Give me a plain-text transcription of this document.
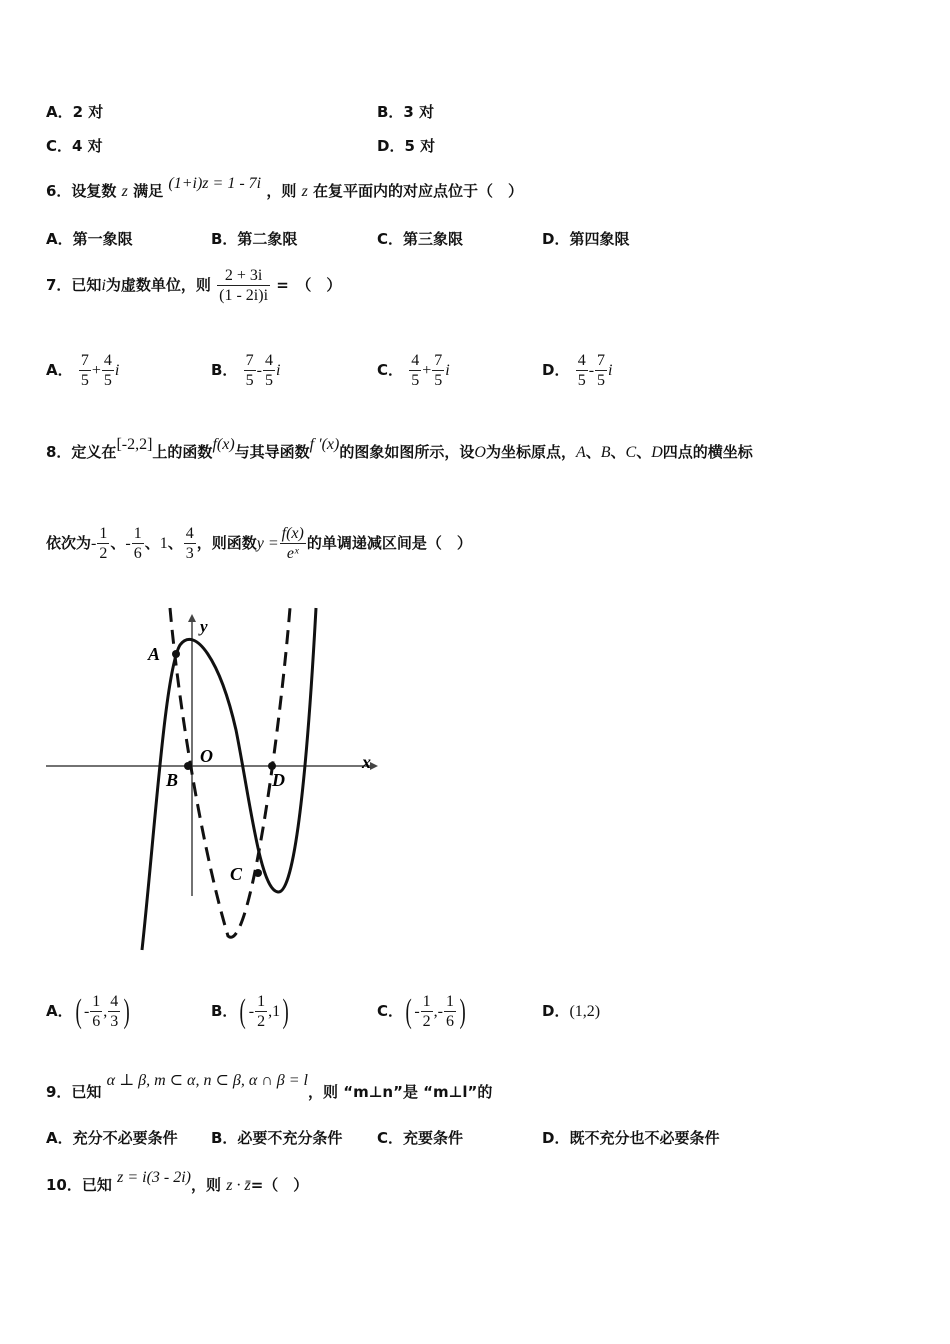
A．2 对	B．3 对
C．4 对	D．5 对
6．设复数 z 满足 (1+i)z = 1 - 7i ，则 z 在复平面内的对应点位于（　）
A．第一象限	B．第二象限	C．第三象限	D．第四象限
7．已知i为虚数单位，则 $\frac{2 + 3i}{(1 - 2i)i}$ =　（　）
A． $\frac{7}{5} + \frac{4}{5}$ i	B． $\frac{7}{5} - \frac{4}{5}$ i	C． $\frac{4}{5} + \frac{7}{5}$ i	D． $\frac{4}{5} - \frac{7}{5}$ i
8．定义在[-2,2]上的函数f(x)与其导函数f ′(x)的图象如图所示，设O为坐标原点，A、B、C、D四点的横坐标
依次为- $\frac{1}{2}$ 、- $\frac{1}{6}$ 、1、 $\frac{4}{3}$ ，则函数$y = \frac{f(x)}{\text{eˣ}}$ 的单调递减区间是（　）
y
x
O
A
B
C
D
A．( - $\frac{1}{6}$ , $\frac{4}{3}$ )	B．( - $\frac{1}{2} ,1$)	C．( - $\frac{1}{2}$ ,- $\frac{1}{6}$ )	D．(1,2)
9．已知 α ⊥ β, m ⊂ α, n ⊂ β, α ∩ β = l，则 “m⊥n”是 “m⊥l”的
A．充分不必要条件 B．必要不充分条件 C．充要条件	D．既不充分也不必要条件
10．已知 z = i(3 - 2i)，则 z · z̄=（　）
